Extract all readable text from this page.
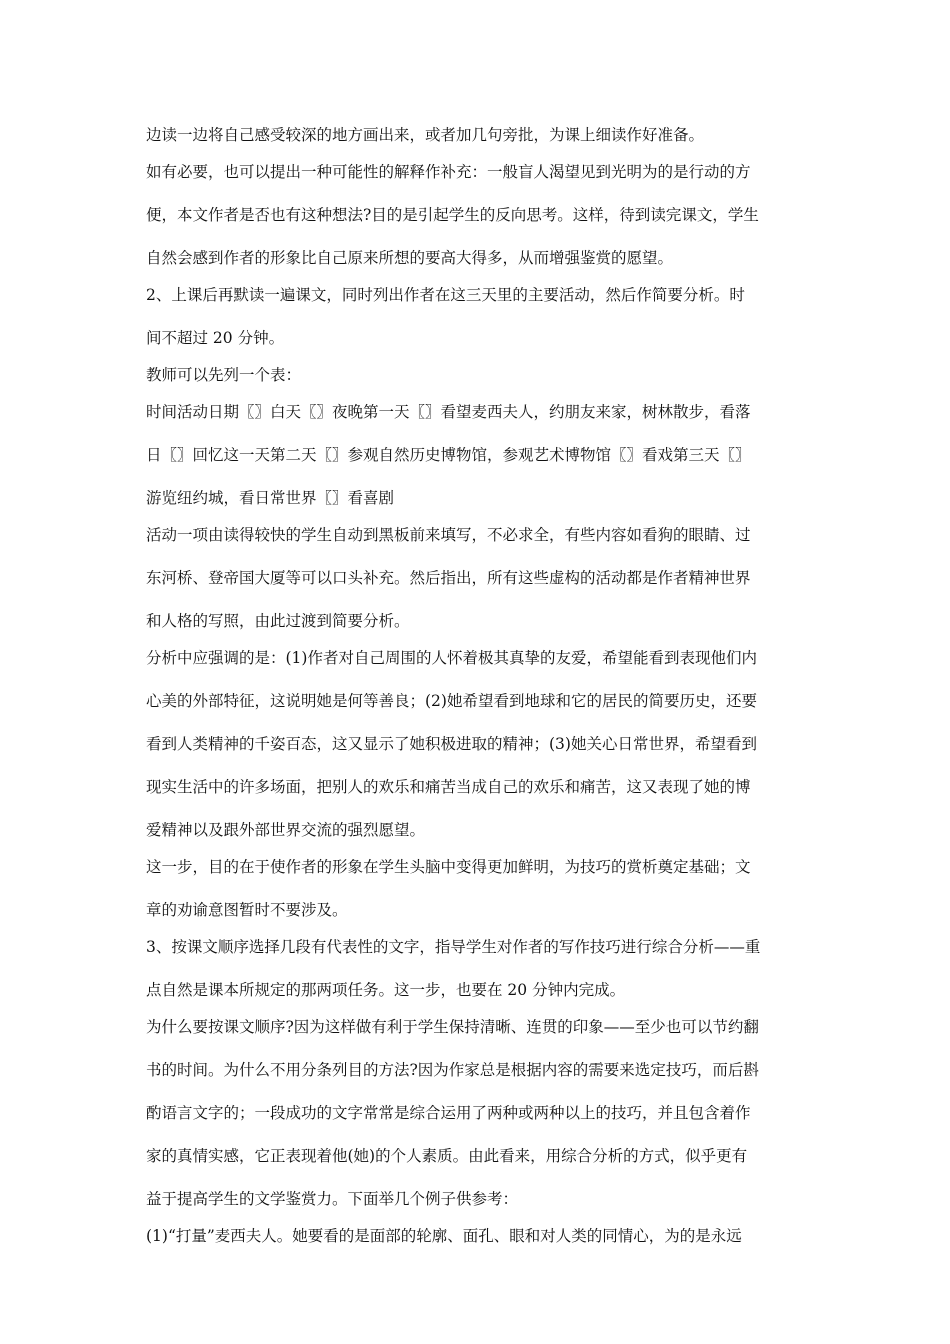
边读一边将自己感受较深的地方画出来，或者加几句旁批，为课上细读作好准备。
如有必要，也可以提出一种可能性的解释作补充：一般盲人渴望见到光明为的是行动的方
便，本文作者是否也有这种想法?目的是引起学生的反向思考。这样，待到读完课文，学生
自然会感到作者的形象比自己原来所想的要高大得多，从而增强鉴赏的愿望。
2、上课后再默读一遍课文，同时列出作者在这三天里的主要活动，然后作简要分析。时
间不超过 20 分钟。
教师可以先列一个表：
时间活动日期〖〗白天〖〗夜晚第一天〖〗看望麦西夫人，约朋友来家，树林散步，看落
日〖〗回忆这一天第二天〖〗参观自然历史博物馆，参观艺术博物馆〖〗看戏第三天〖〗
游览纽约城，看日常世界〖〗看喜剧
活动一项由读得较快的学生自动到黑板前来填写，不必求全，有些内容如看狗的眼睛、过
东河桥、登帝国大厦等可以口头补充。然后指出，所有这些虚构的活动都是作者精神世界
和人格的写照，由此过渡到简要分析。
分析中应强调的是：(1)作者对自己周围的人怀着极其真挚的友爱，希望能看到表现他们内
心美的外部特征，这说明她是何等善良；(2)她希望看到地球和它的居民的简要历史，还要
看到人类精神的千姿百态，这又显示了她积极进取的精神；(3)她关心日常世界，希望看到
现实生活中的许多场面，把别人的欢乐和痛苦当成自己的欢乐和痛苦，这又表现了她的博
爱精神以及跟外部世界交流的强烈愿望。
这一步，目的在于使作者的形象在学生头脑中变得更加鲜明，为技巧的赏析奠定基础；文
章的劝谕意图暂时不要涉及。
3、按课文顺序选择几段有代表性的文字，指导学生对作者的写作技巧进行综合分析——重
点自然是课本所规定的那两项任务。这一步，也要在 20 分钟内完成。
为什么要按课文顺序?因为这样做有利于学生保持清晰、连贯的印象——至少也可以节约翻
书的时间。为什么不用分条列目的方法?因为作家总是根据内容的需要来选定技巧，而后斟
酌语言文字的；一段成功的文字常常是综合运用了两种或两种以上的技巧，并且包含着作
家的真情实感，它正表现着他(她)的个人素质。由此看来，用综合分析的方式，似乎更有
益于提高学生的文学鉴赏力。下面举几个例子供参考：
(1)“打量”麦西夫人。她要看的是面部的轮廓、面孔、眼和对人类的同情心，为的是永远
